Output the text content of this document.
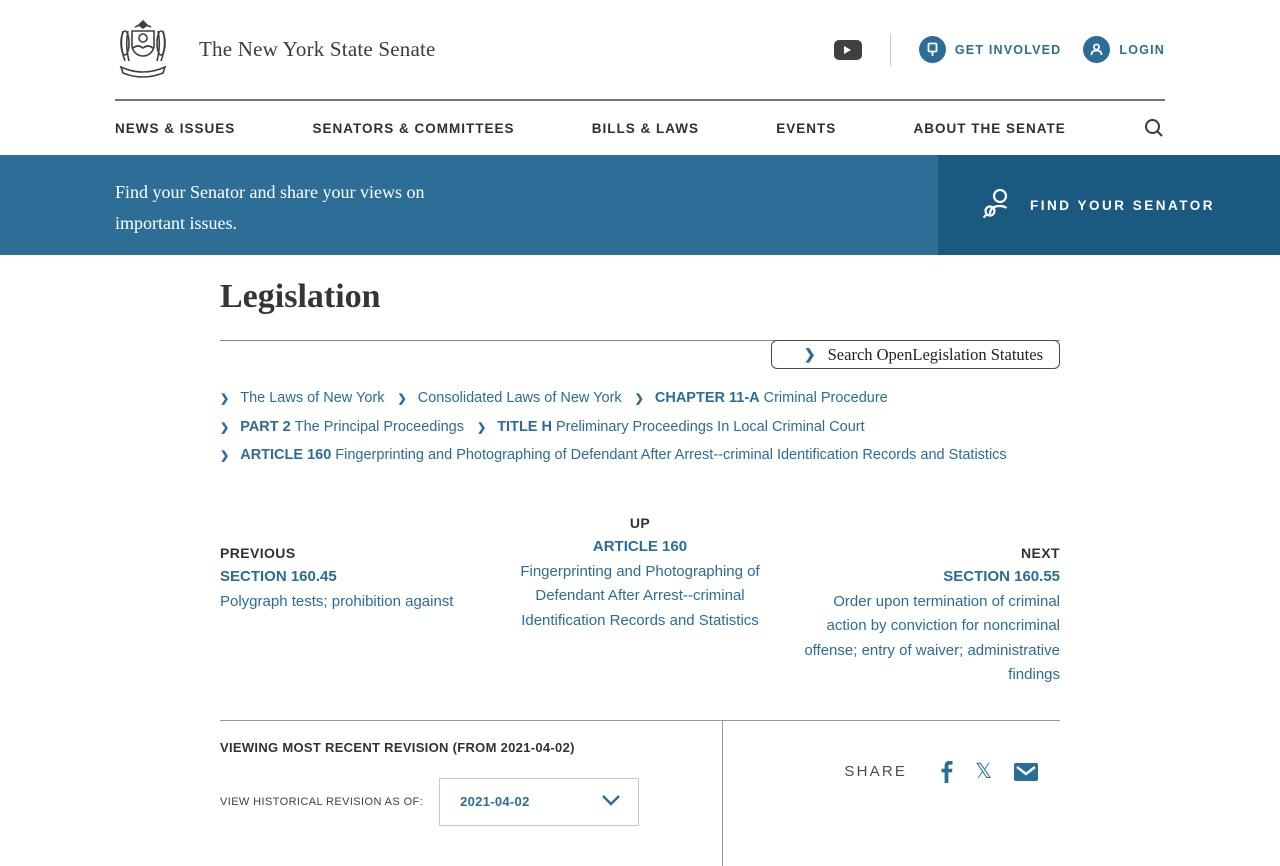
The New York State Senate	GET INVOLVED	LOGIN
NEWS & ISSUES	SENATORS & COMMITTEES	BILLS & LAWS	EVENTS	ABOUT THE SENATE
Find your Senator and share your views on
important issues.
FIND YOUR SENATOR
Legislation
❯ Search OpenLegislation Statutes
❯ The Laws of New York ❯ Consolidated Laws of New York ❯ CHAPTER 11-A Criminal Procedure
❯ PART 2 The Principal Proceedings ❯ TITLE H Preliminary Proceedings In Local Criminal Court
❯ ARTICLE 160 Fingerprinting and Photographing of Defendant After Arrest--criminal Identification Records and Statistics
PREVIOUS
SECTION 160.45
Polygraph tests; prohibition against
UP
ARTICLE 160
Fingerprinting and Photographing of Defendant After Arrest--criminal Identification Records and Statistics
NEXT
SECTION 160.55
Order upon termination of criminal action by conviction for noncriminal offense; entry of waiver; administrative findings
VIEWING MOST RECENT REVISION (FROM 2021-04-02)
VIEW HISTORICAL REVISION AS OF:	2021-04-02
SHARE	𝕏
